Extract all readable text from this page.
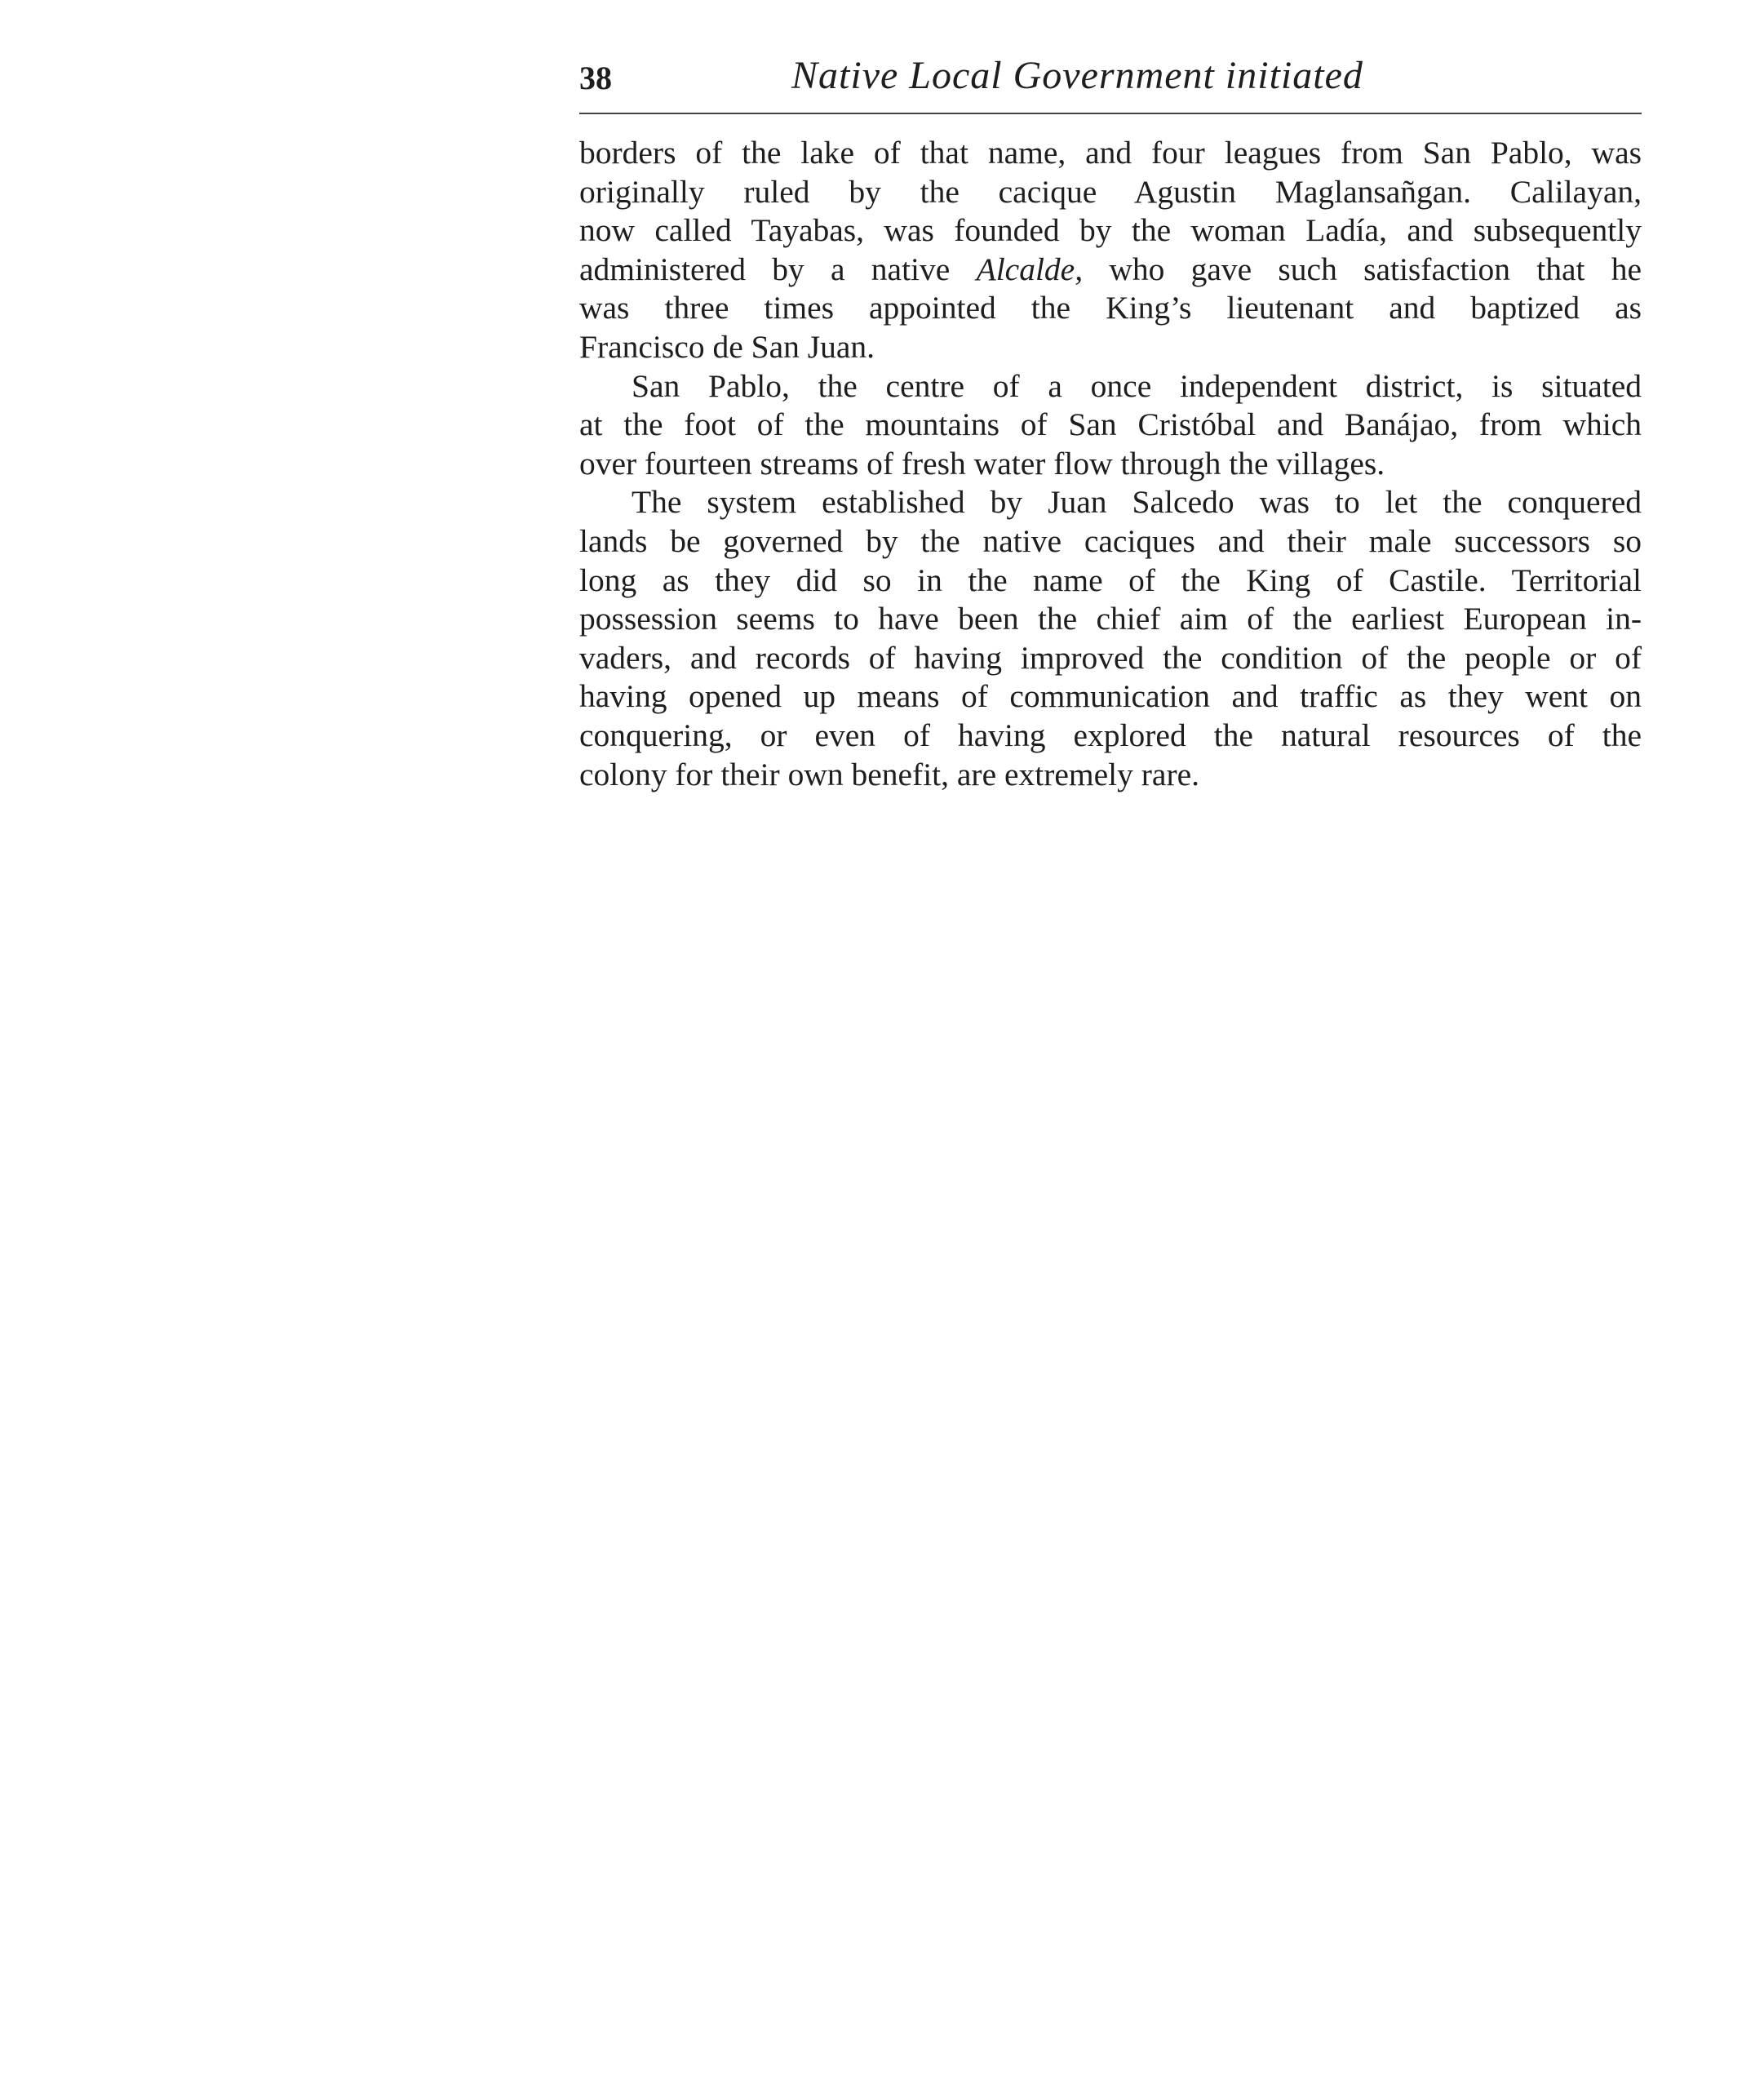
38	Native Local Government initiated
borders of the lake of that name, and four leagues from San Pablo, was
originally ruled by the cacique Agustin Maglansañgan. Calilayan,
now called Tayabas, was founded by the woman Ladía, and subsequently
administered by a native Alcalde, who gave such satisfaction that he
was three times appointed the King’s lieutenant and baptized as
Francisco de San Juan.
San Pablo, the centre of a once independent district, is situated
at the foot of the mountains of San Cristóbal and Banájao, from which
over fourteen streams of fresh water flow through the villages.
The system established by Juan Salcedo was to let the conquered
lands be governed by the native caciques and their male successors so
long as they did so in the name of the King of Castile. Territorial
possession seems to have been the chief aim of the earliest European in-
vaders, and records of having improved the condition of the people or of
having opened up means of communication and traffic as they went on
conquering, or even of having explored the natural resources of the
colony for their own benefit, are extremely rare.
